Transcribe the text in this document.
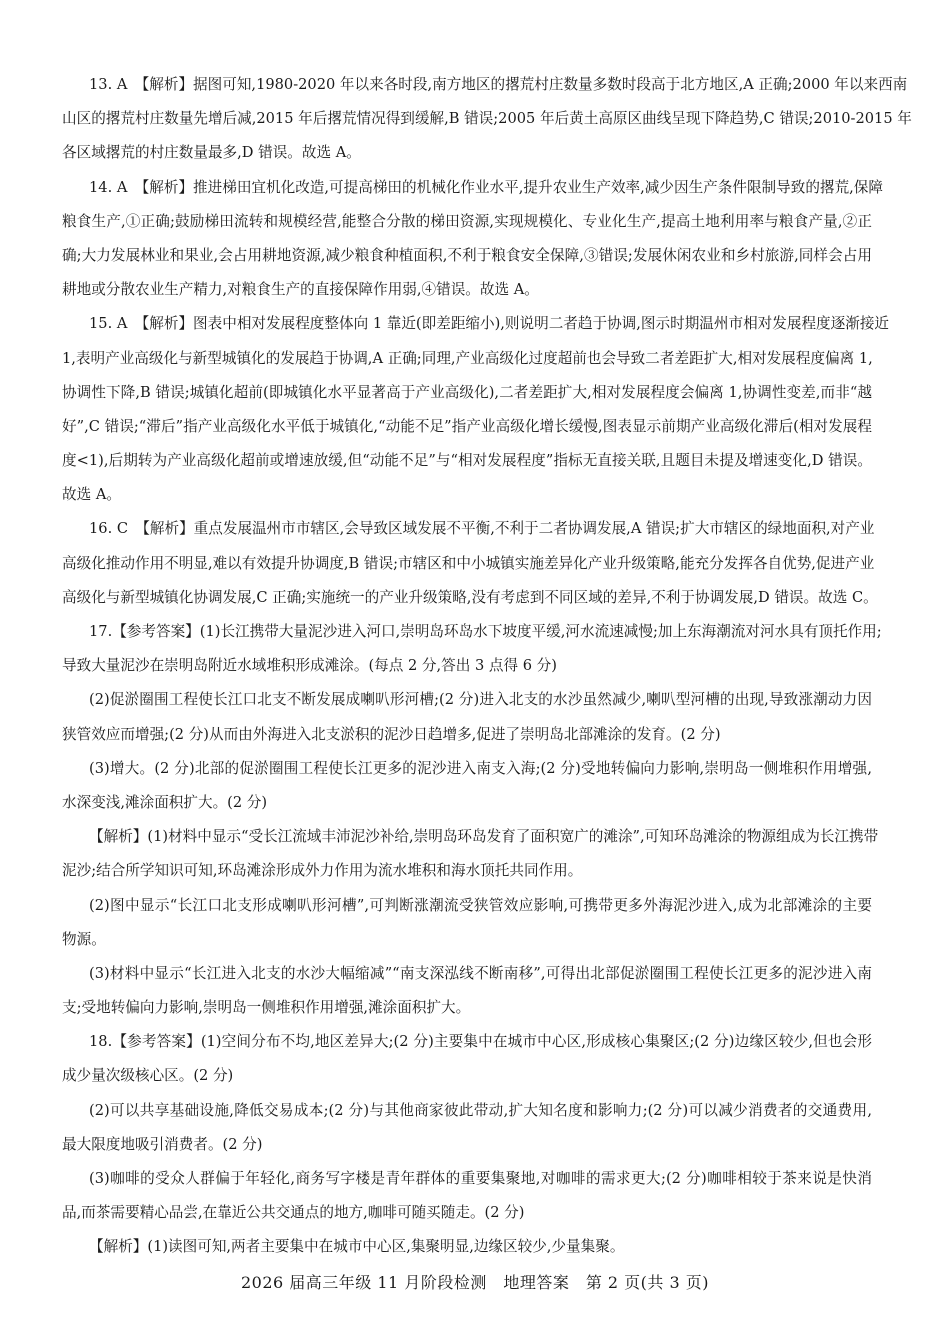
13. A　【解析】据图可知,1980-2020 年以来各时段,南方地区的撂荒村庄数量多数时段高于北方地区,A 正确;2000 年以来西南
山区的撂荒村庄数量先增后减,2015 年后撂荒情况得到缓解,B 错误;2005 年后黄土高原区曲线呈现下降趋势,C 错误;2010-2015 年
各区域撂荒的村庄数量最多,D 错误。故选 A。
14. A　【解析】推进梯田宜机化改造,可提高梯田的机械化作业水平,提升农业生产效率,减少因生产条件限制导致的撂荒,保障
粮食生产,①正确;鼓励梯田流转和规模经营,能整合分散的梯田资源,实现规模化、专业化生产,提高土地利用率与粮食产量,②正
确;大力发展林业和果业,会占用耕地资源,减少粮食种植面积,不利于粮食安全保障,③错误;发展休闲农业和乡村旅游,同样会占用
耕地或分散农业生产精力,对粮食生产的直接保障作用弱,④错误。故选 A。
15. A　【解析】图表中相对发展程度整体向 1 靠近(即差距缩小),则说明二者趋于协调,图示时期温州市相对发展程度逐渐接近
1,表明产业高级化与新型城镇化的发展趋于协调,A 正确;同理,产业高级化过度超前也会导致二者差距扩大,相对发展程度偏离 1,
协调性下降,B 错误;城镇化超前(即城镇化水平显著高于产业高级化),二者差距扩大,相对发展程度会偏离 1,协调性变差,而非“越
好”,C 错误;“滞后”指产业高级化水平低于城镇化,“动能不足”指产业高级化增长缓慢,图表显示前期产业高级化滞后(相对发展程
度<1),后期转为产业高级化超前或增速放缓,但“动能不足”与“相对发展程度”指标无直接关联,且题目未提及增速变化,D 错误。
故选 A。
16. C　【解析】重点发展温州市市辖区,会导致区域发展不平衡,不利于二者协调发展,A 错误;扩大市辖区的绿地面积,对产业
高级化推动作用不明显,难以有效提升协调度,B 错误;市辖区和中小城镇实施差异化产业升级策略,能充分发挥各自优势,促进产业
高级化与新型城镇化协调发展,C 正确;实施统一的产业升级策略,没有考虑到不同区域的差异,不利于协调发展,D 错误。故选 C。
17.【参考答案】(1)长江携带大量泥沙进入河口,崇明岛环岛水下坡度平缓,河水流速减慢;加上东海潮流对河水具有顶托作用;
导致大量泥沙在崇明岛附近水域堆积形成滩涂。(每点 2 分,答出 3 点得 6 分)
(2)促淤圈围工程使长江口北支不断发展成喇叭形河槽;(2 分)进入北支的水沙虽然减少,喇叭型河槽的出现,导致涨潮动力因
狭管效应而增强;(2 分)从而由外海进入北支淤积的泥沙日趋增多,促进了崇明岛北部滩涂的发育。(2 分)
(3)增大。(2 分)北部的促淤圈围工程使长江更多的泥沙进入南支入海;(2 分)受地转偏向力影响,崇明岛一侧堆积作用增强,
水深变浅,滩涂面积扩大。(2 分)
【解析】(1)材料中显示“受长江流域丰沛泥沙补给,崇明岛环岛发育了面积宽广的滩涂”,可知环岛滩涂的物源组成为长江携带
泥沙;结合所学知识可知,环岛滩涂形成外力作用为流水堆积和海水顶托共同作用。
(2)图中显示“长江口北支形成喇叭形河槽”,可判断涨潮流受狭管效应影响,可携带更多外海泥沙进入,成为北部滩涂的主要
物源。
(3)材料中显示“长江进入北支的水沙大幅缩减”“南支深泓线不断南移”,可得出北部促淤圈围工程使长江更多的泥沙进入南
支;受地转偏向力影响,崇明岛一侧堆积作用增强,滩涂面积扩大。
18.【参考答案】(1)空间分布不均,地区差异大;(2 分)主要集中在城市中心区,形成核心集聚区;(2 分)边缘区较少,但也会形
成少量次级核心区。(2 分)
(2)可以共享基础设施,降低交易成本;(2 分)与其他商家彼此带动,扩大知名度和影响力;(2 分)可以减少消费者的交通费用,
最大限度地吸引消费者。(2 分)
(3)咖啡的受众人群偏于年轻化,商务写字楼是青年群体的重要集聚地,对咖啡的需求更大;(2 分)咖啡相较于茶来说是快消
品,而茶需要精心品尝,在靠近公共交通点的地方,咖啡可随买随走。(2 分)
【解析】(1)读图可知,两者主要集中在城市中心区,集聚明显,边缘区较少,少量集聚。
2026 届高三年级 11 月阶段检测　地理答案　第 2 页(共 3 页)
